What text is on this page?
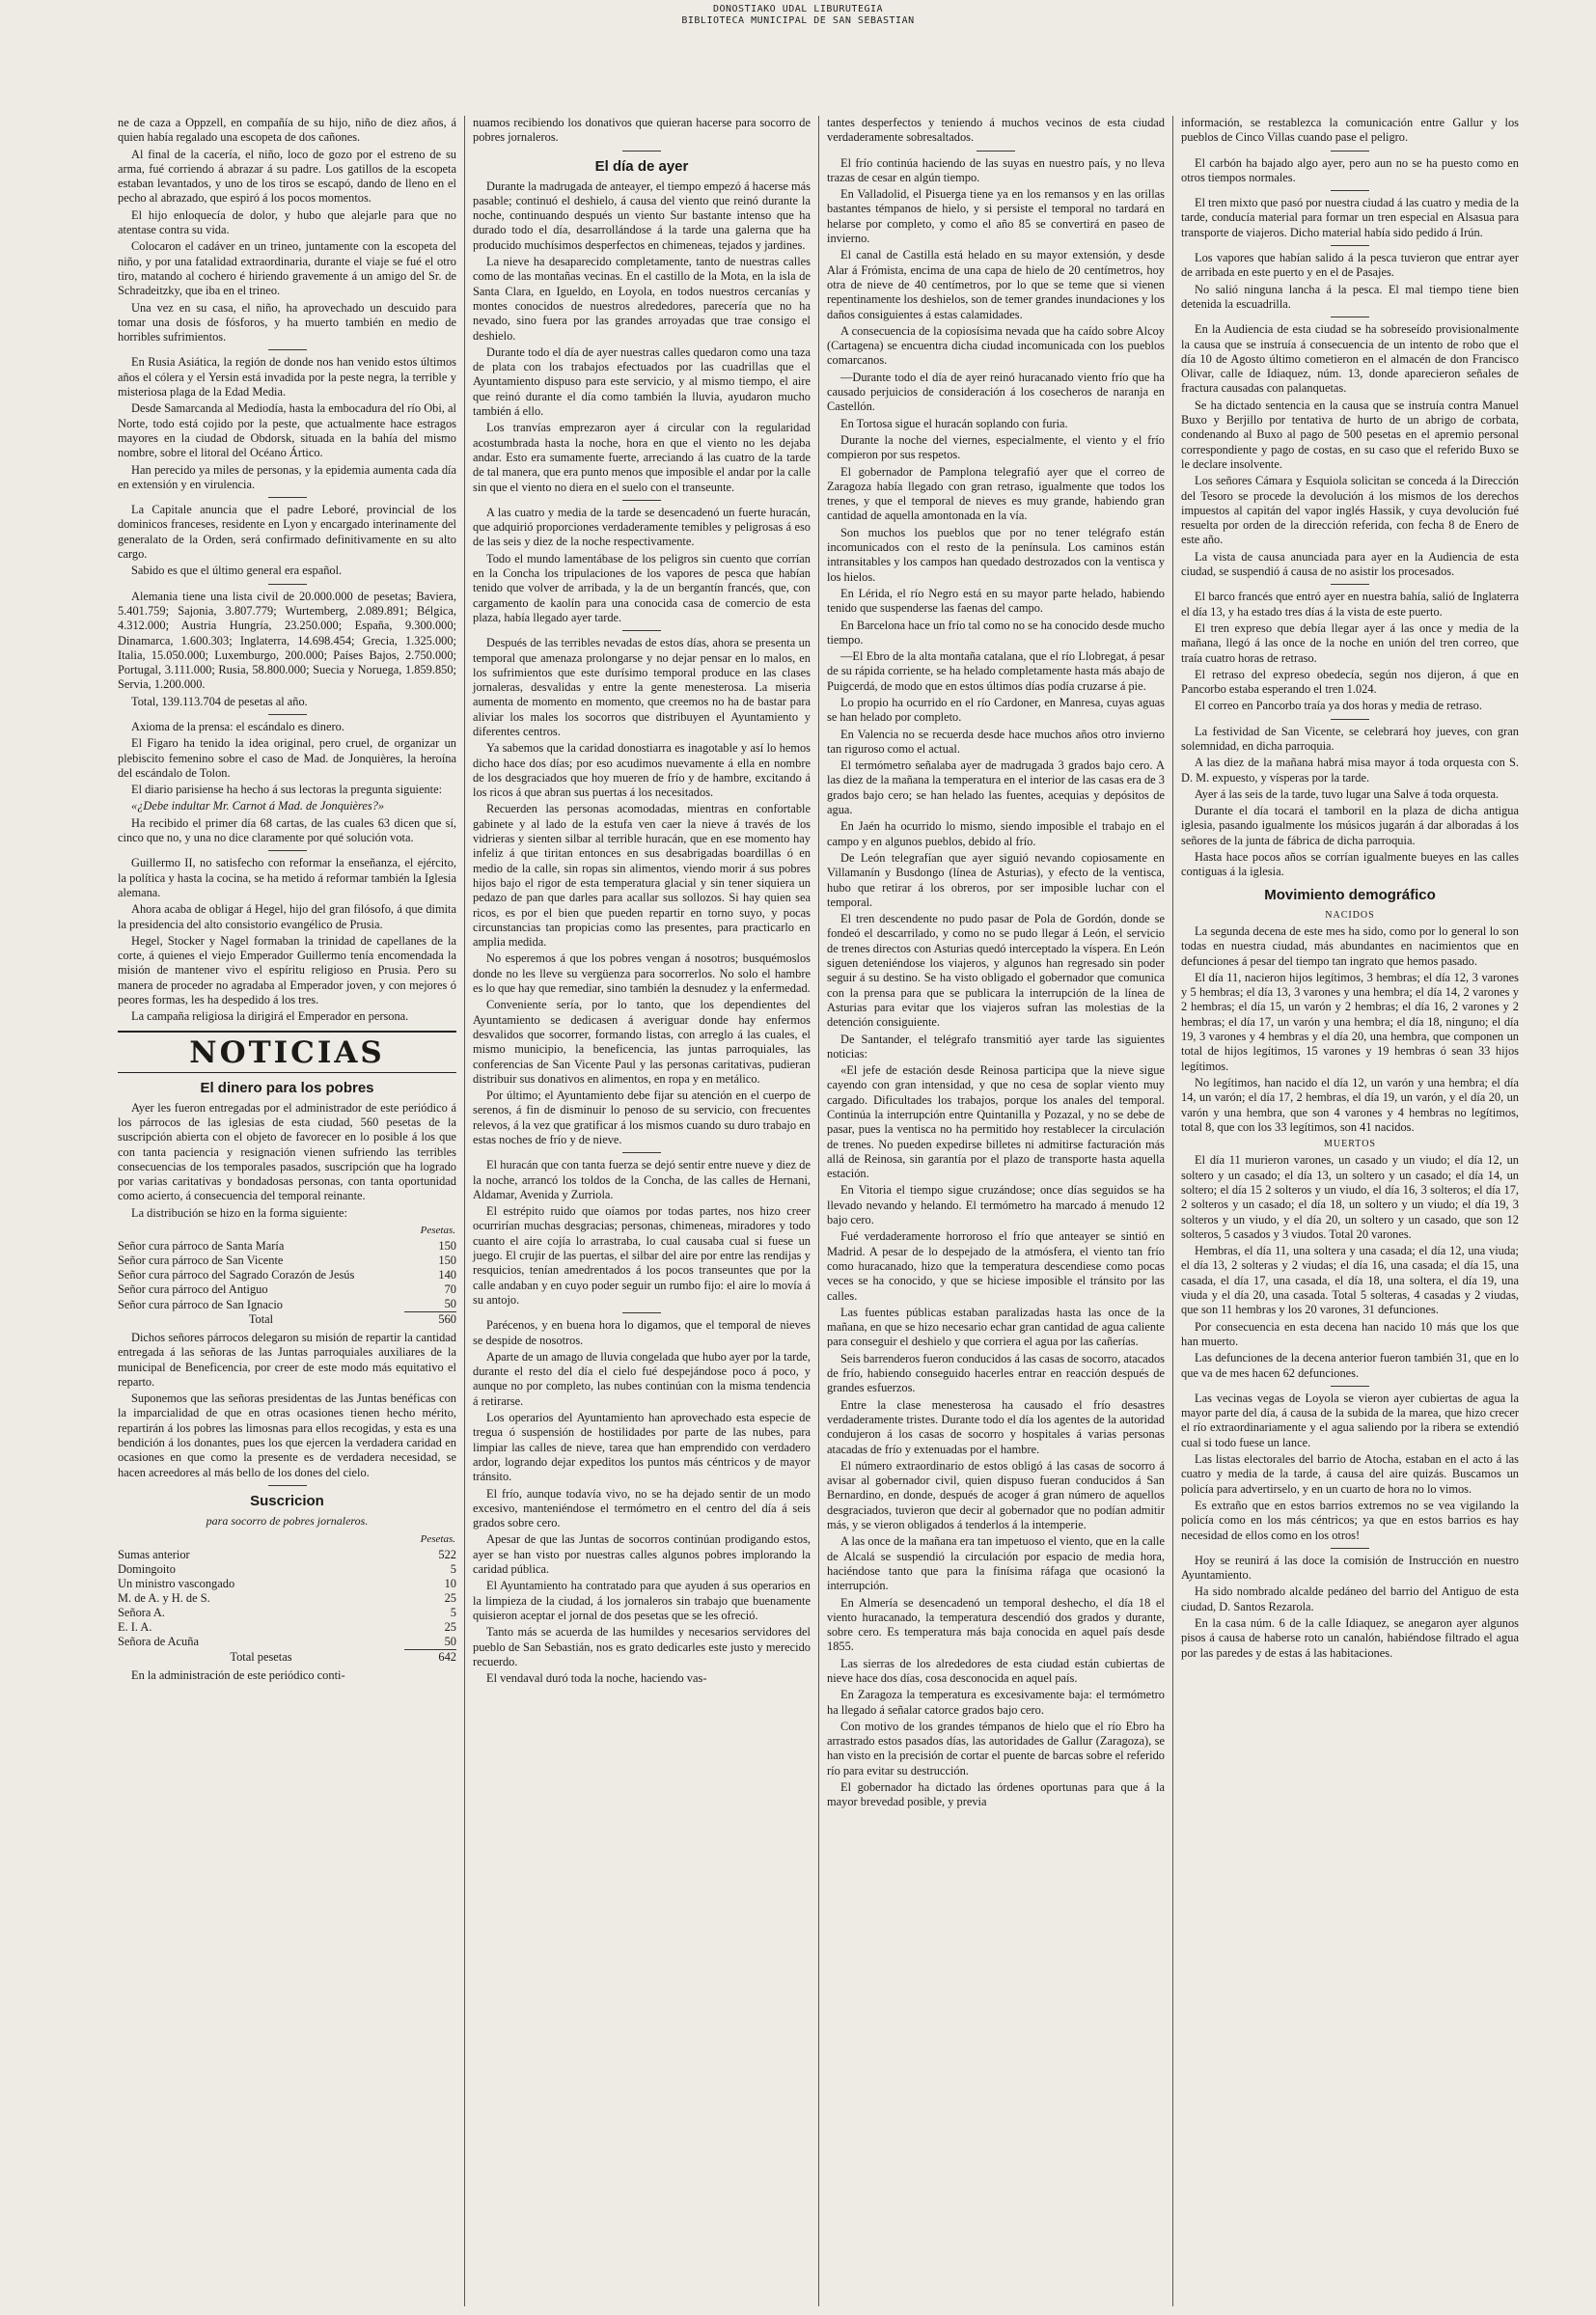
DONOSTIAKO UDAL LIBURUTEGIA
BIBLIOTECA MUNICIPAL DE SAN SEBASTIAN

ne de caza a Oppzell, en compañía de su hijo, niño de diez años, á quien había regalado una escopeta de dos cañones.

Al final de la cacería, el niño, loco de gozo por el estreno de su arma, fué corriendo á abrazar á su padre. Los gatillos de la escopeta estaban levantados, y uno de los tiros se escapó, dando de lleno en el pecho al abrazado, que espiró á los pocos momentos.

El hijo enloquecía de dolor, y hubo que alejarle para que no atentase contra su vida.

Colocaron el cadáver en un trineo, juntamente con la escopeta del niño, y por una fatalidad extraordinaria, durante el viaje se fué el otro tiro, matando al cochero é hiriendo gravemente á un amigo del Sr. de Schradeitzky, que iba en el trineo.

Una vez en su casa, el niño, ha aprovechado un descuido para tomar una dosis de fósforos, y ha muerto también en medio de horribles sufrimientos.

En Rusia Asiática, la región de donde nos han venido estos últimos años el cólera y el Yersin está invadida por la peste negra, la terrible y misteriosa plaga de la Edad Media.

Desde Samarcanda al Mediodía, hasta la embocadura del río Obi, al Norte, todo está cojido por la peste, que actualmente hace estragos mayores en la ciudad de Obdorsk, situada en la bahía del mismo nombre, sobre el litoral del Océano Ártico.

Han perecido ya miles de personas, y la epidemia aumenta cada día en extensión y en virulencia.

La Capitale anuncia que el padre Leboré, provincial de los dominicos franceses, residente en Lyon y encargado interinamente del generalato de la Orden, será confirmado definitivamente en su alto cargo.

Sabido es que el último general era español.

Alemania tiene una lista civil de 20.000.000 de pesetas; Baviera, 5.401.759; Sajonia, 3.807.779; Wurtemberg, 2.089.891; Bélgica, 4.312.000; Austria Hungría, 23.250.000; España, 9.300.000; Dinamarca, 1.600.303; Inglaterra, 14.698.454; Grecia, 1.325.000; Italia, 15.050.000; Luxemburgo, 200.000; Países Bajos, 2.750.000; Portugal, 3.111.000; Rusia, 58.800.000; Suecia y Noruega, 1.859.850; Servia, 1.200.000.

Total, 139.113.704 de pesetas al año.

Axioma de la prensa: el escándalo es dinero.

El Figaro ha tenido la idea original, pero cruel, de organizar un plebiscito femenino sobre el caso de Mad. de Jonquières, la heroína del escándalo de Tolon.

El diario parisiense ha hecho á sus lectoras la pregunta siguiente:

«¿Debe indultar Mr. Carnot á Mad. de Jonquières?»

Ha recibido el primer día 68 cartas, de las cuales 63 dicen que sí, cinco que no, y una no dice claramente por qué solución vota.

Guillermo II, no satisfecho con reformar la enseñanza, el ejército, la política y hasta la cocina, se ha metido á reformar también la Iglesia alemana.

Ahora acaba de obligar á Hegel, hijo del gran filósofo, á que dimita la presidencia del alto consistorio evangélico de Prusia.

Hegel, Stocker y Nagel formaban la trinidad de capellanes de la corte, á quienes el viejo Emperador Guillermo tenía encomendada la misión de mantener vivo el espíritu religioso en Prusia. Pero su manera de proceder no agradaba al Emperador joven, y con mejores ó peores formas, les ha despedido á los tres.

La campaña religiosa la dirigirá el Emperador en persona.

NOTICIAS
El dinero para los pobres

Ayer les fueron entregadas por el administrador de este periódico á los párrocos de las iglesias de esta ciudad, 560 pesetas de la suscripción abierta con el objeto de favorecer en lo posible á los que con tanta paciencia y resignación vienen sufriendo las terribles consecuencias de los temporales pasados, suscripción que ha logrado por varias caritativas y bondadosas personas, con tanta oportunidad como acierto, á consecuencia del temporal reinante.

La distribución se hizo en la forma siguiente:

	Pesetas.
Señor cura párroco de Santa María	150
Señor cura párroco de San Vicente	150
Señor cura párroco del Sagrado Corazón de Jesús	140
Señor cura párroco del Antiguo	70
Señor cura párroco de San Ignacio	50
Total	560

Dichos señores párrocos delegaron su misión de repartir la cantidad entregada á las señoras de las Juntas parroquiales auxiliares de la municipal de Beneficencia, por creer de este modo más equitativo el reparto.

Suponemos que las señoras presidentas de las Juntas benéficas con la imparcialidad de que en otras ocasiones tienen hecho mérito, repartirán á los pobres las limosnas para ellos recogidas, y esta es una bendición á los donantes, pues los que ejercen la verdadera caridad en ocasiones en que como la presente es de verdadera necesidad, se hacen acreedores al más bello de los dones del cielo.

Suscricion
para socorro de pobres jornaleros.
	Pesetas.
Sumas anterior	522
Domingoito	5
Un ministro vascongado	10
M. de A. y H. de S.	25
Señora A.	5
E. I. A.	25
Señora de Acuña	50
Total pesetas	642

En la administración de este periódico conti-

nuamos recibiendo los donativos que quieran hacerse para socorro de pobres jornaleros.

El día de ayer

Durante la madrugada de anteayer, el tiempo empezó á hacerse más pasable; continuó el deshielo, á causa del viento que reinó durante la noche, continuando después un viento Sur bastante intenso que ha durado todo el día, desarrollándose á la tarde una galerna que ha producido muchísimos desperfectos en chimeneas, tejados y jardines.

La nieve ha desaparecido completamente, tanto de nuestras calles como de las montañas vecinas. En el castillo de la Mota, en la isla de Santa Clara, en Igueldo, en Loyola, en todos nuestros cercanías y montes conocidos de nuestros alrededores, parecería que no ha nevado, sino fuera por las grandes arroyadas que trae consigo el deshielo.

Durante todo el día de ayer nuestras calles quedaron como una taza de plata con los trabajos efectuados por las cuadrillas que el Ayuntamiento dispuso para este servicio, y al mismo tiempo, el aire que reinó durante el día como también la lluvia, ayudaron mucho también á ello.

Los tranvías emprezaron ayer á circular con la regularidad acostumbrada hasta la noche, hora en que el viento no les dejaba andar. Esto era sumamente fuerte, arreciando á las cuatro de la tarde de tal manera, que era punto menos que imposible el andar por la calle sin que el viento no diera en el suelo con el transeunte.

A las cuatro y media de la tarde se desencadenó un fuerte huracán, que adquirió proporciones verdaderamente temibles y peligrosas á eso de las seis y diez de la noche respectivamente.

Todo el mundo lamentábase de los peligros sin cuento que corrían en la Concha los tripulaciones de los vapores de pesca que habían tenido que volver de arribada, y la de un bergantín francés, que, con cargamento de kaolín para una conocida casa de comercio de esta plaza, había llegado ayer tarde.

Después de las terribles nevadas de estos días, ahora se presenta un temporal que amenaza prolongarse y no dejar pensar en lo malos, en los sufrimientos que este durísimo temporal produce en las clases jornaleras, desvalidas y entre la gente menesterosa. La miseria aumenta de momento en momento, que creemos no ha de bastar para aliviar los males los socorros que distribuyen el Ayuntamiento y diferentes centros.

Ya sabemos que la caridad donostiarra es inagotable y así lo hemos dicho hace dos días; por eso acudimos nuevamente á ella en nombre de los desgraciados que hoy mueren de frío y de hambre, excitando á los ricos á que abran sus puertas á los necesitados.

Recuerden las personas acomodadas, mientras en confortable gabinete y al lado de la estufa ven caer la nieve á través de los vidrieras y sienten silbar al terrible huracán, que en ese momento hay infeliz á que tiritan entonces en sus desabrigadas boardillas ó en medio de la calle, sin ropas sin alimentos, viendo morir á sus pobres hijos bajo el rigor de esta temperatura glacial y sin tener siquiera un pedazo de pan que darles para acallar sus sollozos. Si hay quien sea ricos, es por el bien que pueden repartir en torno suyo, y pocas circunstancias tan propicias como las presentes, para practicarlo en amplia medida.

No esperemos á que los pobres vengan á nosotros; busquémoslos donde no les lleve su vergüenza para socorrerlos. No solo el hambre es lo que hay que remediar, sino también la desnudez y la enfermedad.

Conveniente sería, por lo tanto, que los dependientes del Ayuntamiento se dedicasen á averiguar donde hay enfermos desvalidos que socorrer, formando listas, con arreglo á las cuales, el mismo municipio, la beneficencia, las juntas parroquiales, las conferencias de San Vicente Paul y las personas caritativas, pudieran distribuir sus donativos en alimentos, en ropa y en metálico.

Por último; el Ayuntamiento debe fijar su atención en el cuerpo de serenos, á fin de disminuir lo penoso de su servicio, con frecuentes relevos, á la vez que gratificar á los mismos cuando su duro trabajo en estas noches de frío y de nieve.

El huracán que con tanta fuerza se dejó sentir entre nueve y diez de la noche, arrancó los toldos de la Concha, de las calles de Hernani, Aldamar, Avenida y Zurriola.

El estrépito ruido que oíamos por todas partes, nos hizo creer ocurrirían muchas desgracias; personas, chimeneas, miradores y todo cuanto el aire cojía lo arrastraba, lo cual causaba cual si fuese un juego. El crujir de las puertas, el silbar del aire por entre las rendijas y resquicios, tenían amedrentados á los pocos transeuntes que por la calle andaban y en cuyo poder seguir un rumbo fijo: el aire lo movía á su antojo.

Parécenos, y en buena hora lo digamos, que el temporal de nieves se despide de nosotros.

Aparte de un amago de lluvia congelada que hubo ayer por la tarde, durante el resto del día el cielo fué despejándose poco á poco, y aunque no por completo, las nubes continúan con la misma tendencia á retirarse.

Los operarios del Ayuntamiento han aprovechado esta especie de tregua ó suspensión de hostilidades por parte de las nubes, para limpiar las calles de nieve, tarea que han emprendido con verdadero ardor, logrando dejar expeditos los puntos más céntricos y de mayor tránsito.

El frío, aunque todavía vivo, no se ha dejado sentir de un modo excesivo, manteniéndose el termómetro en el centro del día á seis grados sobre cero.

Apesar de que las Juntas de socorros continúan prodigando estos, ayer se han visto por nuestras calles algunos pobres implorando la caridad pública.

El Ayuntamiento ha contratado para que ayuden á sus operarios en la limpieza de la ciudad, á los jornaleros sin trabajo que buenamente quisieron aceptar el jornal de dos pesetas que se les ofreció.

Tanto más se acuerda de las humildes y necesarios servidores del pueblo de San Sebastián, nos es grato dedicarles este justo y merecido recuerdo.

El vendaval duró toda la noche, haciendo vas-

tantes desperfectos y teniendo á muchos vecinos de esta ciudad verdaderamente sobresaltados.

El frío continúa haciendo de las suyas en nuestro país, y no lleva trazas de cesar en algún tiempo.

En Valladolid, el Pisuerga tiene ya en los remansos y en las orillas bastantes témpanos de hielo, y si persiste el temporal no tardará en helarse por completo, y como el año 85 se convertirá en paseo de invierno.

El canal de Castilla está helado en su mayor extensión, y desde Alar á Frómista, encima de una capa de hielo de 20 centímetros, hoy otra de nieve de 40 centímetros, por lo que se teme que si vienen repentinamente los deshielos, son de temer grandes inundaciones y los daños consiguientes á estas calamidades.

A consecuencia de la copiosísima nevada que ha caído sobre Alcoy (Cartagena) se encuentra dicha ciudad incomunicada con los pueblos comarcanos.

—Durante todo el día de ayer reinó huracanado viento frío que ha causado perjuicios de consideración á los cosecheros de naranja en Castellón.

En Tortosa sigue el huracán soplando con furia.

Durante la noche del viernes, especialmente, el viento y el frío compieron por sus respetos.

El gobernador de Pamplona telegrafió ayer que el correo de Zaragoza había llegado con gran retraso, igualmente que todos los trenes, y que el temporal de nieves es muy grande, habiendo gran cantidad de aquella amontonada en la vía.

Son muchos los pueblos que por no tener telégrafo están incomunicados con el resto de la península. Los caminos están intransitables y los campos han quedado destrozados con la ventisca y los hielos.

En Lérida, el río Negro está en su mayor parte helado, habiendo tenido que suspenderse las faenas del campo.

En Barcelona hace un frío tal como no se ha conocido desde mucho tiempo.

—El Ebro de la alta montaña catalana, que el río Llobregat, á pesar de su rápida corriente, se ha helado completamente hasta más abajo de Puigcerdá, de modo que en estos últimos días podía cruzarse á pie.

Lo propio ha ocurrido en el río Cardoner, en Manresa, cuyas aguas se han helado por completo.

En Valencia no se recuerda desde hace muchos años otro invierno tan riguroso como el actual.

El termómetro señalaba ayer de madrugada 3 grados bajo cero. A las diez de la mañana la temperatura en el interior de las casas era de 3 grados bajo cero; se han helado las fuentes, acequias y depósitos de agua.

En Jaén ha ocurrido lo mismo, siendo imposible el trabajo en el campo y en algunos pueblos, debido al frío.

De León telegrafían que ayer siguió nevando copiosamente en Villamanín y Busdongo (línea de Asturias), y efecto de la ventisca, hubo que retirar á los obreros, por ser imposible luchar con el temporal.

El tren descendente no pudo pasar de Pola de Gordón, donde se fondeó el descarrilado, y como no se pudo llegar á León, el servicio de trenes directos con Asturias quedó interceptado la víspera. En León siguen deteniéndose los viajeros, y algunos han regresado sin poder seguir á su destino. Se ha visto obligado el gobernador que comunica con la prensa para que se publicara la interrupción de la línea de Asturias para evitar que los viajeros sufran las molestias de la detención consiguiente.

De Santander, el telégrafo transmitió ayer tarde las siguientes noticias:

«El jefe de estación desde Reinosa participa que la nieve sigue cayendo con gran intensidad, y que no cesa de soplar viento muy cargado. Dificultades los trabajos, porque los anales del temporal. Continúa la interrupción entre Quintanilla y Pozazal, y no se debe de pasar, pues la ventisca no ha permitido hoy restablecer la circulación de trenes. No pueden expedirse billetes ni admitirse facturación más allá de Reinosa, sin garantía por el plazo de transporte hasta aquella estación.

En Vitoria el tiempo sigue cruzándose; once días seguidos se ha llevado nevando y helando. El termómetro ha marcado á menudo 12 bajo cero.

Fué verdaderamente horroroso el frío que anteayer se sintió en Madrid. A pesar de lo despejado de la atmósfera, el viento tan frío como huracanado, hizo que la temperatura descendiese como pocas veces se ha conocido, y que se hiciese imposible el tránsito por las calles.

Las fuentes públicas estaban paralizadas hasta las once de la mañana, en que se hizo necesario echar gran cantidad de agua caliente para conseguir el deshielo y que corriera el agua por las cañerías.

Seis barrenderos fueron conducidos á las casas de socorro, atacados de frío, habiendo conseguido hacerles entrar en reacción después de grandes esfuerzos.

Entre la clase menesterosa ha causado el frío desastres verdaderamente tristes. Durante todo el día los agentes de la autoridad condujeron á los casas de socorro y hospitales á varias personas atacadas de frío y extenuadas por el hambre.

El número extraordinario de estos obligó á las casas de socorro á avisar al gobernador civil, quien dispuso fueran conducidos á San Bernardino, en donde, después de acoger á gran número de aquellos desgraciados, tuvieron que decir al gobernador que no podían admitir más, y se vieron obligados á tenderlos á la intemperie.

A las once de la mañana era tan impetuoso el viento, que en la calle de Alcalá se suspendió la circulación por espacio de media hora, haciéndose tanto que para la finísima ráfaga que ocasionó la interrupción.

En Almería se desencadenó un temporal deshecho, el día 18 el viento huracanado, la temperatura descendió dos grados y durante, sobre cero. Es temperatura más baja conocida en aquel país desde 1855.

Las sierras de los alrededores de esta ciudad están cubiertas de nieve hace dos días, cosa desconocida en aquel país.

En Zaragoza la temperatura es excesivamente baja: el termómetro ha llegado á señalar catorce grados bajo cero.

Con motivo de los grandes témpanos de hielo que el río Ebro ha arrastrado estos pasados días, las autoridades de Gallur (Zaragoza), se han visto en la precisión de cortar el puente de barcas sobre el referido río para evitar su destrucción.

El gobernador ha dictado las órdenes oportunas para que á la mayor brevedad posible, y previa

información, se restablezca la comunicación entre Gallur y los pueblos de Cinco Villas cuando pase el peligro.

El carbón ha bajado algo ayer, pero aun no se ha puesto como en otros tiempos normales.

El tren mixto que pasó por nuestra ciudad á las cuatro y media de la tarde, conducía material para formar un tren especial en Alsasua para transporte de viajeros. Dicho material había sido pedido á Irún.

Los vapores que habían salido á la pesca tuvieron que entrar ayer de arribada en este puerto y en el de Pasajes.

No salió ninguna lancha á la pesca. El mal tiempo tiene bien detenida la escuadrilla.

En la Audiencia de esta ciudad se ha sobreseído provisionalmente la causa que se instruía á consecuencia de un intento de robo que el día 10 de Agosto último cometieron en el almacén de don Francisco Olivar, calle de Idiaquez, núm. 13, donde aparecieron señales de fractura causadas con palanquetas.

Se ha dictado sentencia en la causa que se instruía contra Manuel Buxo y Berjillo por tentativa de hurto de un abrigo de corbata, condenando al Buxo al pago de 500 pesetas en el apremio personal correspondiente y pago de costas, en su caso que el referido Buxo se le declare insolvente.

Los señores Cámara y Esquiola solicitan se conceda á la Dirección del Tesoro se procede la devolución á los mismos de los derechos impuestos al capitán del vapor inglés Hassik, y cuya devolución fué resuelta por orden de la dirección referida, con fecha 8 de Enero de este año.

La vista de causa anunciada para ayer en la Audiencia de esta ciudad, se suspendió á causa de no asistir los procesados.

El barco francés que entró ayer en nuestra bahía, salió de Inglaterra el día 13, y ha estado tres días á la vista de este puerto.

El tren expreso que debía llegar ayer á las once y media de la mañana, llegó á las once de la noche en unión del tren correo, que traía cuatro horas de retraso.

El retraso del expreso obedecía, según nos dijeron, á que en Pancorbo estaba esperando el tren 1.024.

El correo en Pancorbo traía ya dos horas y media de retraso.

La festividad de San Vicente, se celebrará hoy jueves, con gran solemnidad, en dicha parroquia.

A las diez de la mañana habrá misa mayor á toda orquesta con S. D. M. expuesto, y vísperas por la tarde.

Ayer á las seis de la tarde, tuvo lugar una Salve á toda orquesta.

Durante el día tocará el tamboril en la plaza de dicha antigua iglesia, pasando igualmente los músicos jugarán á dar alboradas á los señores de la junta de fábrica de dicha parroquia.

Hasta hace pocos años se corrían igualmente bueyes en las calles contiguas á la iglesia.

Movimiento demográfico
NACIDOS

La segunda decena de este mes ha sido, como por lo general lo son todas en nuestra ciudad, más abundantes en nacimientos que en defunciones á pesar del tiempo tan ingrato que hemos pasado.

El día 11, nacieron hijos legítimos, 3 hembras; el día 12, 3 varones y 5 hembras; el día 13, 3 varones y una hembra; el día 14, 2 varones y 2 hembras; el día 15, un varón y 2 hembras; el día 16, 2 varones y 2 hembras; el día 17, un varón y una hembra; el día 18, ninguno; el día 19, 3 varones y 4 hembras y el día 20, una hembra, que componen un total de hijos legítimos, 15 varones y 19 hembras ó sean 33 hijos legítimos.

No legítimos, han nacido el día 12, un varón y una hembra; el día 14, un varón; el día 17, 2 hembras, el día 19, un varón, y el día 20, un varón y una hembra, que son 4 varones y 4 hembras no legítimos, total 8, que con los 33 legítimos, son 41 nacidos.

MUERTOS

El día 11 murieron varones, un casado y un viudo; el día 12, un soltero y un casado; el día 13, un soltero y un casado; el día 14, un soltero; el día 15 2 solteros y un viudo, el día 16, 3 solteros; el día 17, 2 solteros y un casado; el día 18, un soltero y un viudo; el día 19, 3 solteros y un viudo, y el día 20, un soltero y un casado, que son 12 solteros, 5 casados y 3 viudos. Total 20 varones.

Hembras, el día 11, una soltera y una casada; el día 12, una viuda; el día 13, 2 solteras y 2 viudas; el día 16, una casada; el día 15, una casada, el día 17, una casada, el día 18, una soltera, el día 19, una viuda y el día 20, una casada. Total 5 solteras, 4 casadas y 2 viudas, que son 11 hembras y los 20 varones, 31 defunciones.

Por consecuencia en esta decena han nacido 10 más que los que han muerto.

Las defunciones de la decena anterior fueron también 31, que en lo que va de mes hacen 62 defunciones.

Las vecinas vegas de Loyola se vieron ayer cubiertas de agua la mayor parte del día, á causa de la subida de la marea, que hizo crecer el río extraordinariamente y el agua saliendo por la ribera se extendió cual si todo fuese un lance.

Las listas electorales del barrio de Atocha, estaban en el acto á las cuatro y media de la tarde, á causa del aire quizás. Buscamos un policía para advertirselo, y en un cuarto de hora no lo vimos.

Es extraño que en estos barrios extremos no se vea vigilando la policía como en los más céntricos; ya que en estos barrios es hay necesidad de ellos como en los otros!

Hoy se reunirá á las doce la comisión de Instrucción en nuestro Ayuntamiento.

Ha sido nombrado alcalde pedáneo del barrio del Antiguo de esta ciudad, D. Santos Rezarola.

En la casa núm. 6 de la calle Idiaquez, se anegaron ayer algunos pisos á causa de haberse roto un canalón, habiéndose filtrado el agua por las paredes y de estas á las habitaciones.
